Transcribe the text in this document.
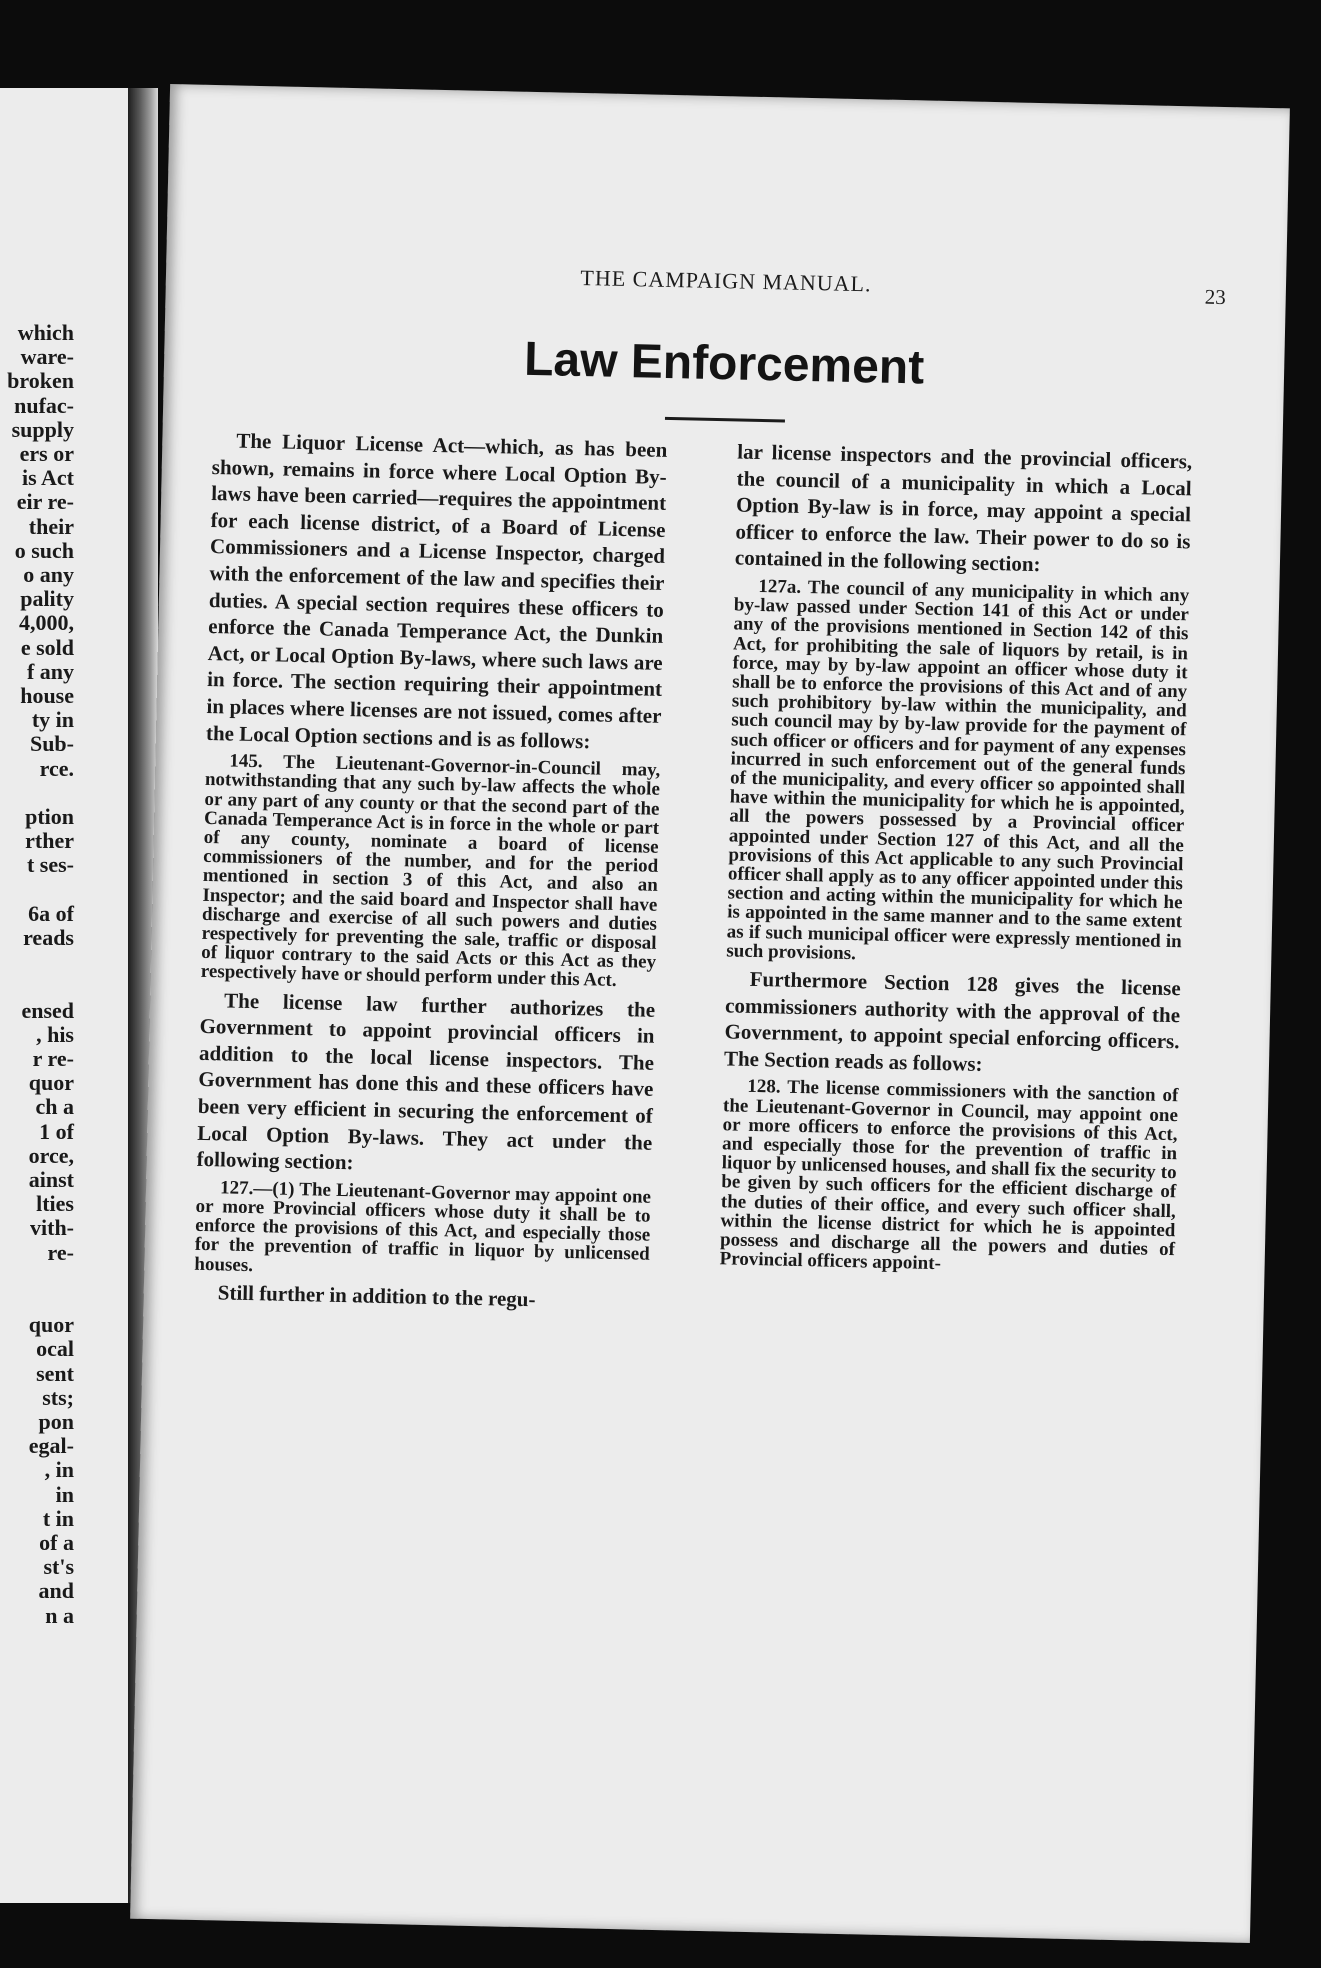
which
ware-
broken
nufac-
supply
ers or
is Act
eir re-
their
o such
o any
pality
4,000,
e sold
f any
house
ty in
Sub-
rce.
ption
rther
t ses-
6a of
reads
ensed
, his
r re-
quor
ch a
1 of
orce,
ainst
lties
vith-
re-
quor
ocal
sent
sts;
pon
egal-
, in
in
t in
of a
st's
and
n a
THE CAMPAIGN MANUAL.
23
Law Enforcement

The Liquor License Act—which, as has been shown, remains in force where Local Option By-laws have been carried—requires the appointment for each license district, of a Board of License Commissioners and a License Inspector, charged with the enforcement of the law and specifies their duties. A special section requires these officers to enforce the Canada Temperance Act, the Dunkin Act, or Local Option By-laws, where such laws are in force. The section requiring their appointment in places where licenses are not issued, comes after the Local Option sections and is as follows:

145. The Lieutenant-Governor-in-Council may, notwithstanding that any such by-law affects the whole or any part of any county or that the second part of the Canada Temperance Act is in force in the whole or part of any county, nominate a board of license commissioners of the number, and for the period mentioned in section 3 of this Act, and also an Inspector; and the said board and Inspector shall have discharge and exercise of all such powers and duties respectively for preventing the sale, traffic or disposal of liquor contrary to the said Acts or this Act as they respectively have or should perform under this Act.

The license law further authorizes the Government to appoint provincial officers in addition to the local license inspectors. The Government has done this and these officers have been very efficient in securing the enforcement of Local Option By-laws. They act under the following section:

127.—(1) The Lieutenant-Governor may appoint one or more Provincial officers whose duty it shall be to enforce the provisions of this Act, and especially those for the prevention of traffic in liquor by unlicensed houses.

Still further in addition to the regu-

lar license inspectors and the provincial officers, the council of a municipality in which a Local Option By-law is in force, may appoint a special officer to enforce the law. Their power to do so is contained in the following section:

127a. The council of any municipality in which any by-law passed under Section 141 of this Act or under any of the provisions mentioned in Section 142 of this Act, for prohibiting the sale of liquors by retail, is in force, may by by-law appoint an officer whose duty it shall be to enforce the provisions of this Act and of any such prohibitory by-law within the municipality, and such council may by by-law provide for the payment of such officer or officers and for payment of any expenses incurred in such enforcement out of the general funds of the municipality, and every officer so appointed shall have within the municipality for which he is appointed, all the powers possessed by a Provincial officer appointed under Section 127 of this Act, and all the provisions of this Act applicable to any such Provincial officer shall apply as to any officer appointed under this section and acting within the municipality for which he is appointed in the same manner and to the same extent as if such municipal officer were expressly mentioned in such provisions.

Furthermore Section 128 gives the license commissioners authority with the approval of the Government, to appoint special enforcing officers. The Section reads as follows:

128. The license commissioners with the sanction of the Lieutenant-Governor in Council, may appoint one or more officers to enforce the provisions of this Act, and especially those for the prevention of traffic in liquor by unlicensed houses, and shall fix the security to be given by such officers for the efficient discharge of the duties of their office, and every such officer shall, within the license district for which he is appointed possess and discharge all the powers and duties of Provincial officers appoint-
